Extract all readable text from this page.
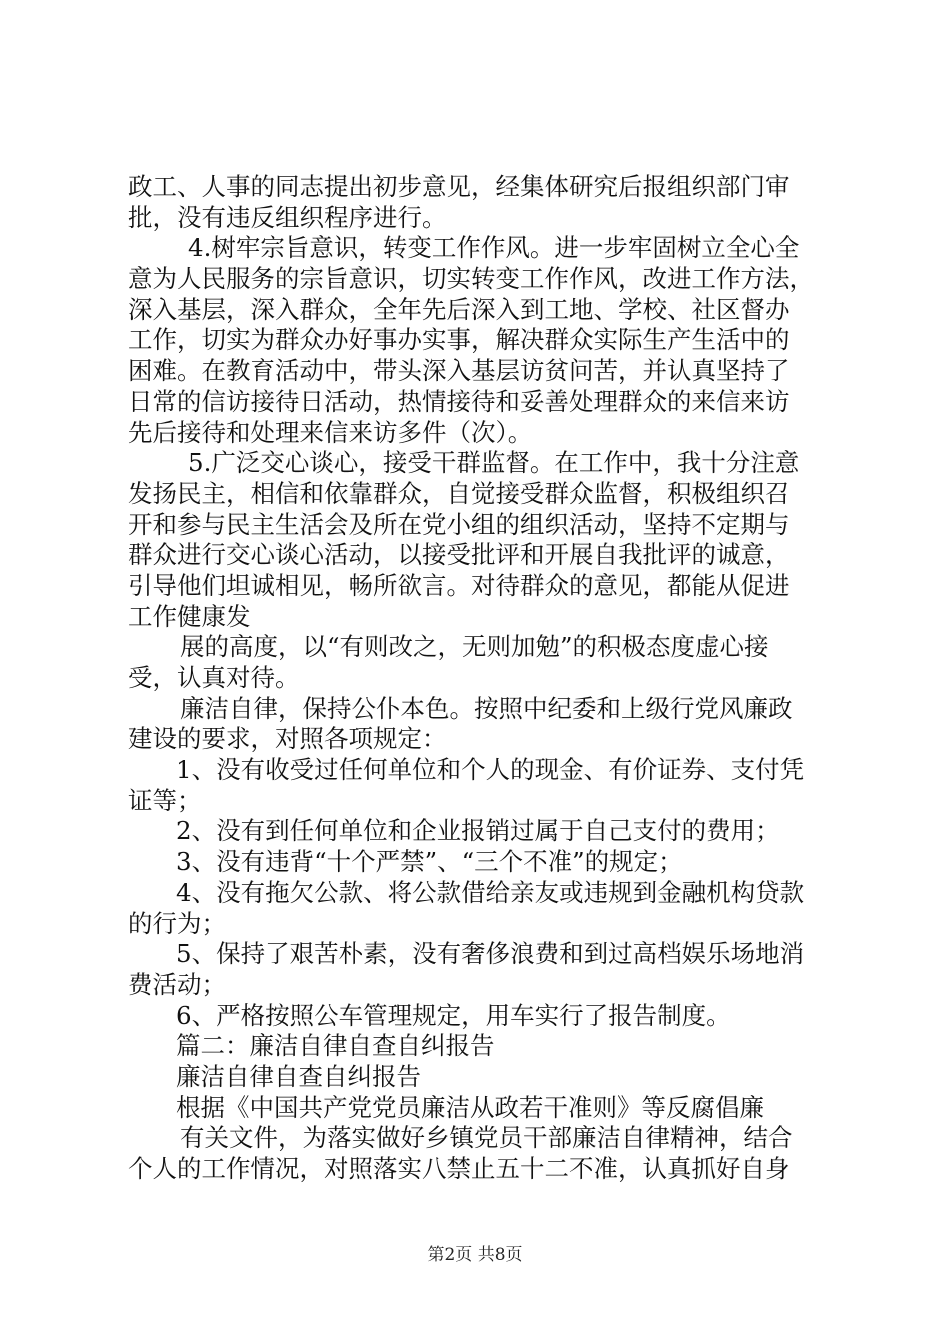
政工、人事的同志提出初步意见，经集体研究后报组织部门审
批，没有违反组织程序进行。
4.树牢宗旨意识，转变工作作风。进一步牢固树立全心全
意为人民服务的宗旨意识，切实转变工作作风，改进工作方法，
深入基层，深入群众，全年先后深入到工地、学校、社区督办
工作，切实为群众办好事办实事，解决群众实际生产生活中的
困难。在教育活动中，带头深入基层访贫问苦，并认真坚持了
日常的信访接待日活动，热情接待和妥善处理群众的来信来访
先后接待和处理来信来访多件（次）。
5.广泛交心谈心，接受干群监督。在工作中，我十分注意
发扬民主，相信和依靠群众，自觉接受群众监督，积极组织召
开和参与民主生活会及所在党小组的组织活动，坚持不定期与
群众进行交心谈心活动，以接受批评和开展自我批评的诚意，
引导他们坦诚相见，畅所欲言。对待群众的意见，都能从促进
工作健康发
展的高度，以“有则改之，无则加勉”的积极态度虚心接
受，认真对待。
廉洁自律，保持公仆本色。按照中纪委和上级行党风廉政
建设的要求，对照各项规定：
1、没有收受过任何单位和个人的现金、有价证券、支付凭
证等；
2、没有到任何单位和企业报销过属于自己支付的费用；
3、没有违背“十个严禁”、“三个不准”的规定；
4、没有拖欠公款、将公款借给亲友或违规到金融机构贷款
的行为；
5、保持了艰苦朴素，没有奢侈浪费和到过高档娱乐场地消
费活动；
6、严格按照公车管理规定，用车实行了报告制度。
篇二：廉洁自律自查自纠报告
廉洁自律自查自纠报告
根据《中国共产党党员廉洁从政若干准则》等反腐倡廉
有关文件，为落实做好乡镇党员干部廉洁自律精神，结合
个人的工作情况，对照落实八禁止五十二不准，认真抓好自身
第2页 共8页
